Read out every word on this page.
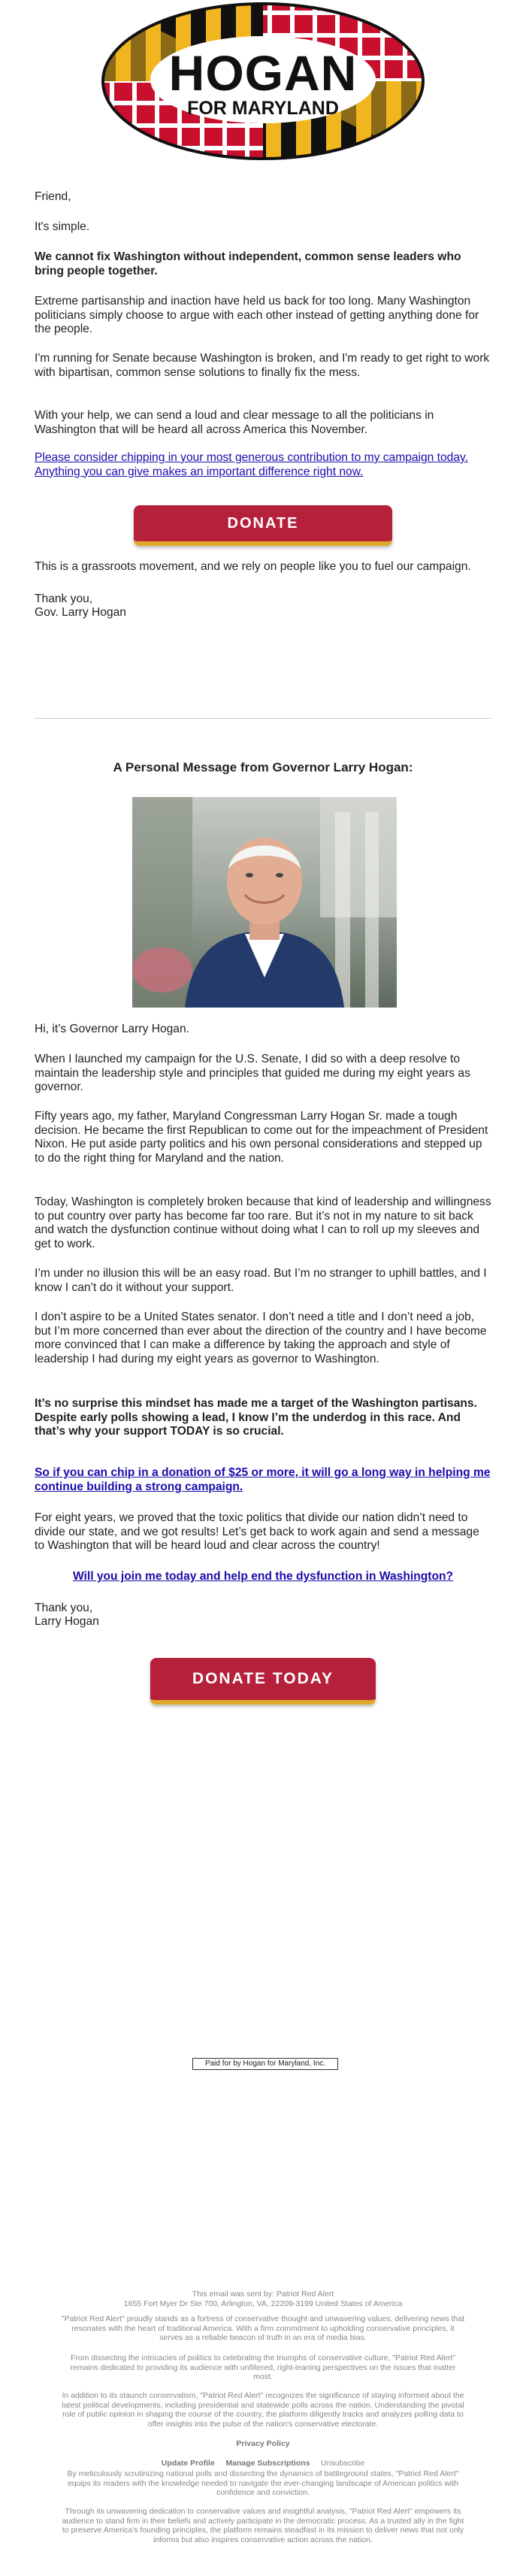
HOGAN
FOR MARYLAND

Friend,

It's simple.

We cannot fix Washington without independent, common sense leaders who bring people together.

Extreme partisanship and inaction have held us back for too long. Many Washington politicians simply choose to argue with each other instead of getting anything done for the people.

I'm running for Senate because Washington is broken, and I'm ready to get right to work with bipartisan, common sense solutions to finally fix the mess.

With your help, we can send a loud and clear message to all the politicians in Washington that will be heard all across America this November.

Please consider chipping in your most generous contribution to my campaign today. Anything you can give makes an important difference right now.

DONATE

This is a grassroots movement, and we rely on people like you to fuel our campaign.

Thank you,

Gov. Larry Hogan

A Personal Message from Governor Larry Hogan:

Hi, it’s Governor Larry Hogan.

When I launched my campaign for the U.S. Senate, I did so with a deep resolve to maintain the leadership style and principles that guided me during my eight years as governor.

Fifty years ago, my father, Maryland Congressman Larry Hogan Sr. made a tough decision. He became the first Republican to come out for the impeachment of President Nixon. He put aside party politics and his own personal considerations and stepped up to do the right thing for Maryland and the nation.

Today, Washington is completely broken because that kind of leadership and willingness to put country over party has become far too rare. But it’s not in my nature to sit back and watch the dysfunction continue without doing what I can to roll up my sleeves and get to work.

I’m under no illusion this will be an easy road. But I’m no stranger to uphill battles, and I know I can’t do it without your support.

I don’t aspire to be a United States senator. I don’t need a title and I don’t need a job, but I’m more concerned than ever about the direction of the country and I have become more convinced that I can make a difference by taking the approach and style of leadership I had during my eight years as governor to Washington.

It’s no surprise this mindset has made me a target of the Washington partisans. Despite early polls showing a lead, I know I’m the underdog in this race. And that’s why your support TODAY is so crucial.

So if you can chip in a donation of $25 or more, it will go a long way in helping me continue building a strong campaign.

For eight years, we proved that the toxic politics that divide our nation didn’t need to divide our state, and we got results! Let’s get back to work again and send a message to Washington that will be heard loud and clear across the country!

Will you join me today and help end the dysfunction in Washington?

Thank you,

Larry Hogan

DONATE TODAY
Paid for by Hogan for Maryland, Inc.

This email was sent by: Patriot Red Alert

1655 Fort Myer Dr Ste 700, Arlington, VA, 22209-3199 United States of America

"Patriot Red Alert" proudly stands as a fortress of conservative thought and unwavering values, delivering news that resonates with the heart of traditional America. With a firm commitment to upholding conservative principles, it serves as a reliable beacon of truth in an era of media bias.

From dissecting the intricacies of politics to celebrating the triumphs of conservative culture, "Patriot Red Alert" remains dedicated to providing its audience with unfiltered, right-leaning perspectives on the issues that matter most.

In addition to its staunch conservatism, "Patriot Red Alert" recognizes the significance of staying informed about the latest political developments, including presidential and statewide polls across the nation. Understanding the pivotal role of public opinion in shaping the course of the country, the platform diligently tracks and analyzes polling data to offer insights into the pulse of the nation's conservative electorate.

Privacy Policy

Update Profile Manage Subscriptions Unsubscribe

By meticulously scrutinizing national polls and dissecting the dynamics of battleground states, "Patriot Red Alert" equips its readers with the knowledge needed to navigate the ever-changing landscape of American politics with confidence and conviction.

Through its unwavering dedication to conservative values and insightful analysis, "Patriot Red Alert" empowers its audience to stand firm in their beliefs and actively participate in the democratic process. As a trusted ally in the fight to preserve America's founding principles, the platform remains steadfast in its mission to deliver news that not only informs but also inspires conservative action across the nation.
